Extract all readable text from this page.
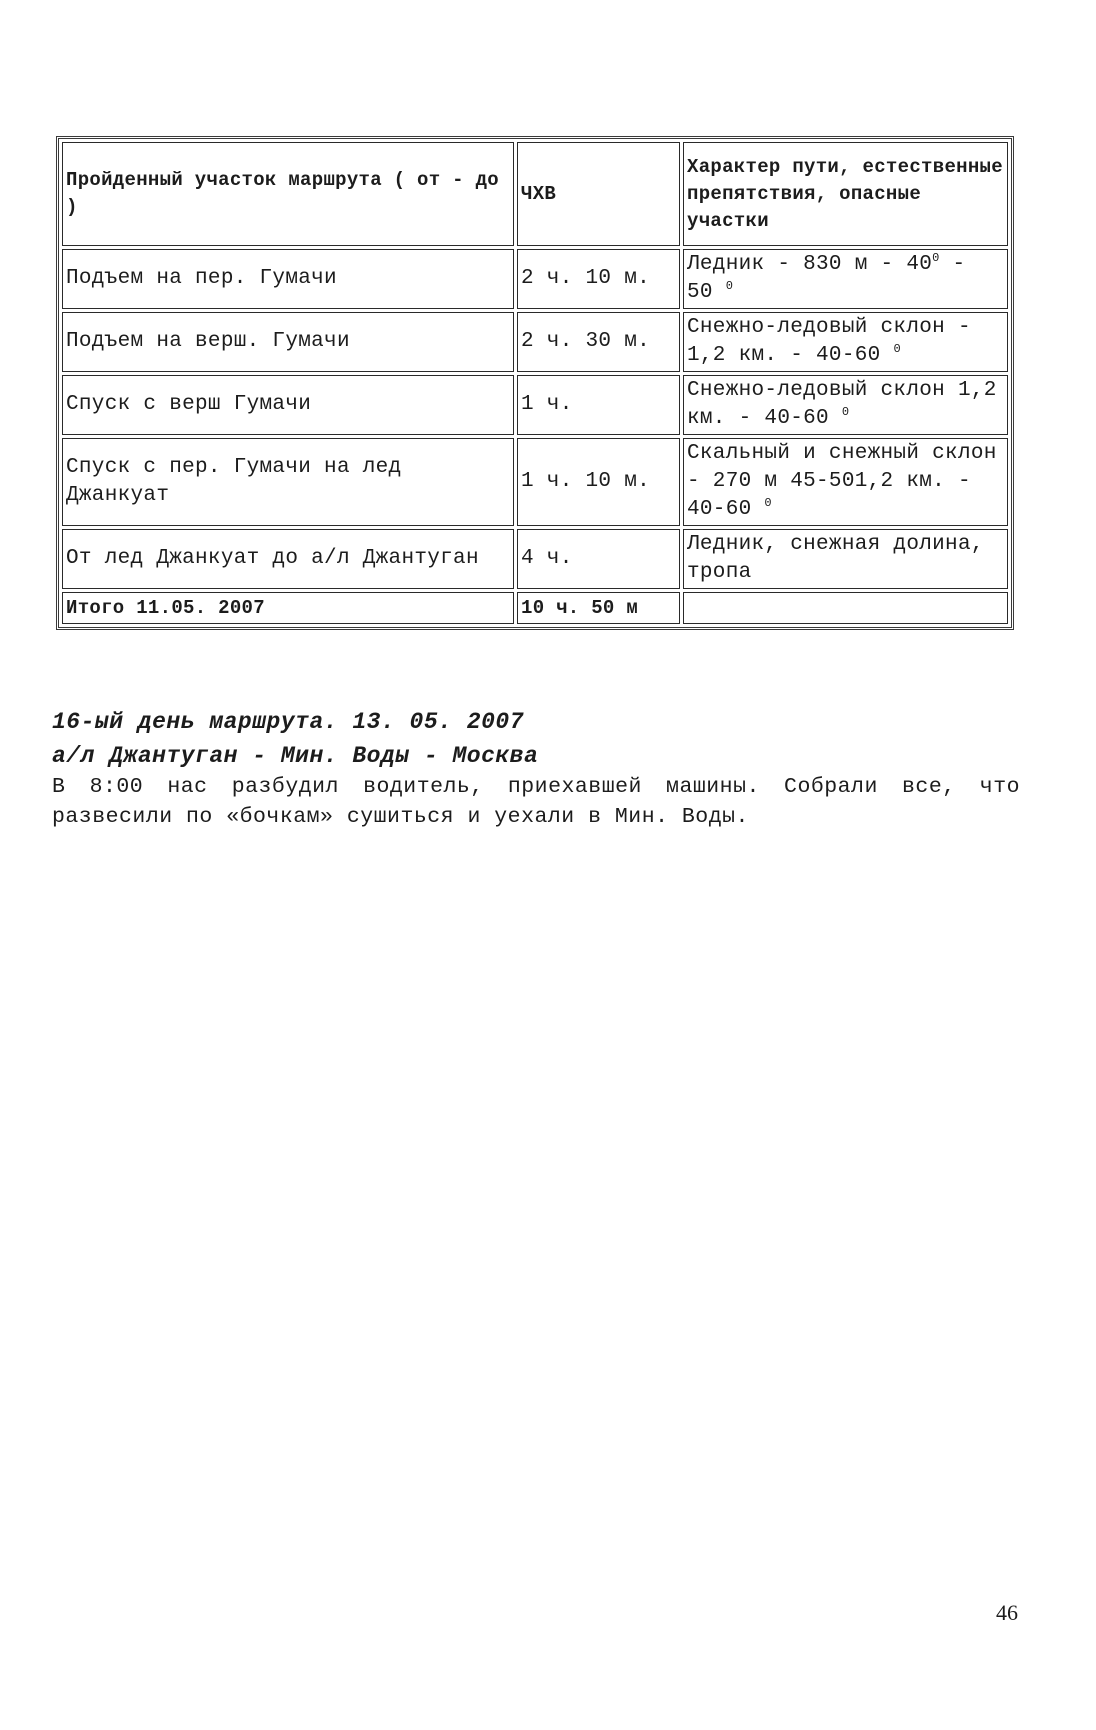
Пройденный участок маршрута ( от - до )	ЧХВ	Характер пути, естественные препятствия, опасные участки
Подъем на пер. Гумачи	2 ч. 10 м.	Ледник - 830 м - $40^0 - 50$ $^0$
Подъем на верш. Гумачи	2 ч. 30 м.	Снежно-ледовый склон - 1,2 км. - 40-60 $^0$
Спуск с верш Гумачи	1 ч.	Снежно-ледовый склон 1,2 км. - 40-60 $^0$
Спуск с пер. Гумачи на лед Джанкуат	1 ч. 10 м.	Скальный и снежный склон - 270 м 45-501,2 км. - 40-60 $^0$
От лед Джанкуат до а/л Джантуган	4 ч.	Ледник, снежная долина, тропа
Итого 11.05. 2007	10 ч. 50 м	
16-ый день маршрута. 13. 05. 2007
а/л Джантуган - Мин. Воды - Москва

В 8:00 нас разбудил водитель, приехавшей машины. Собрали все, что развесили по «бочкам» сушиться и уехали в Мин. Воды.

46
